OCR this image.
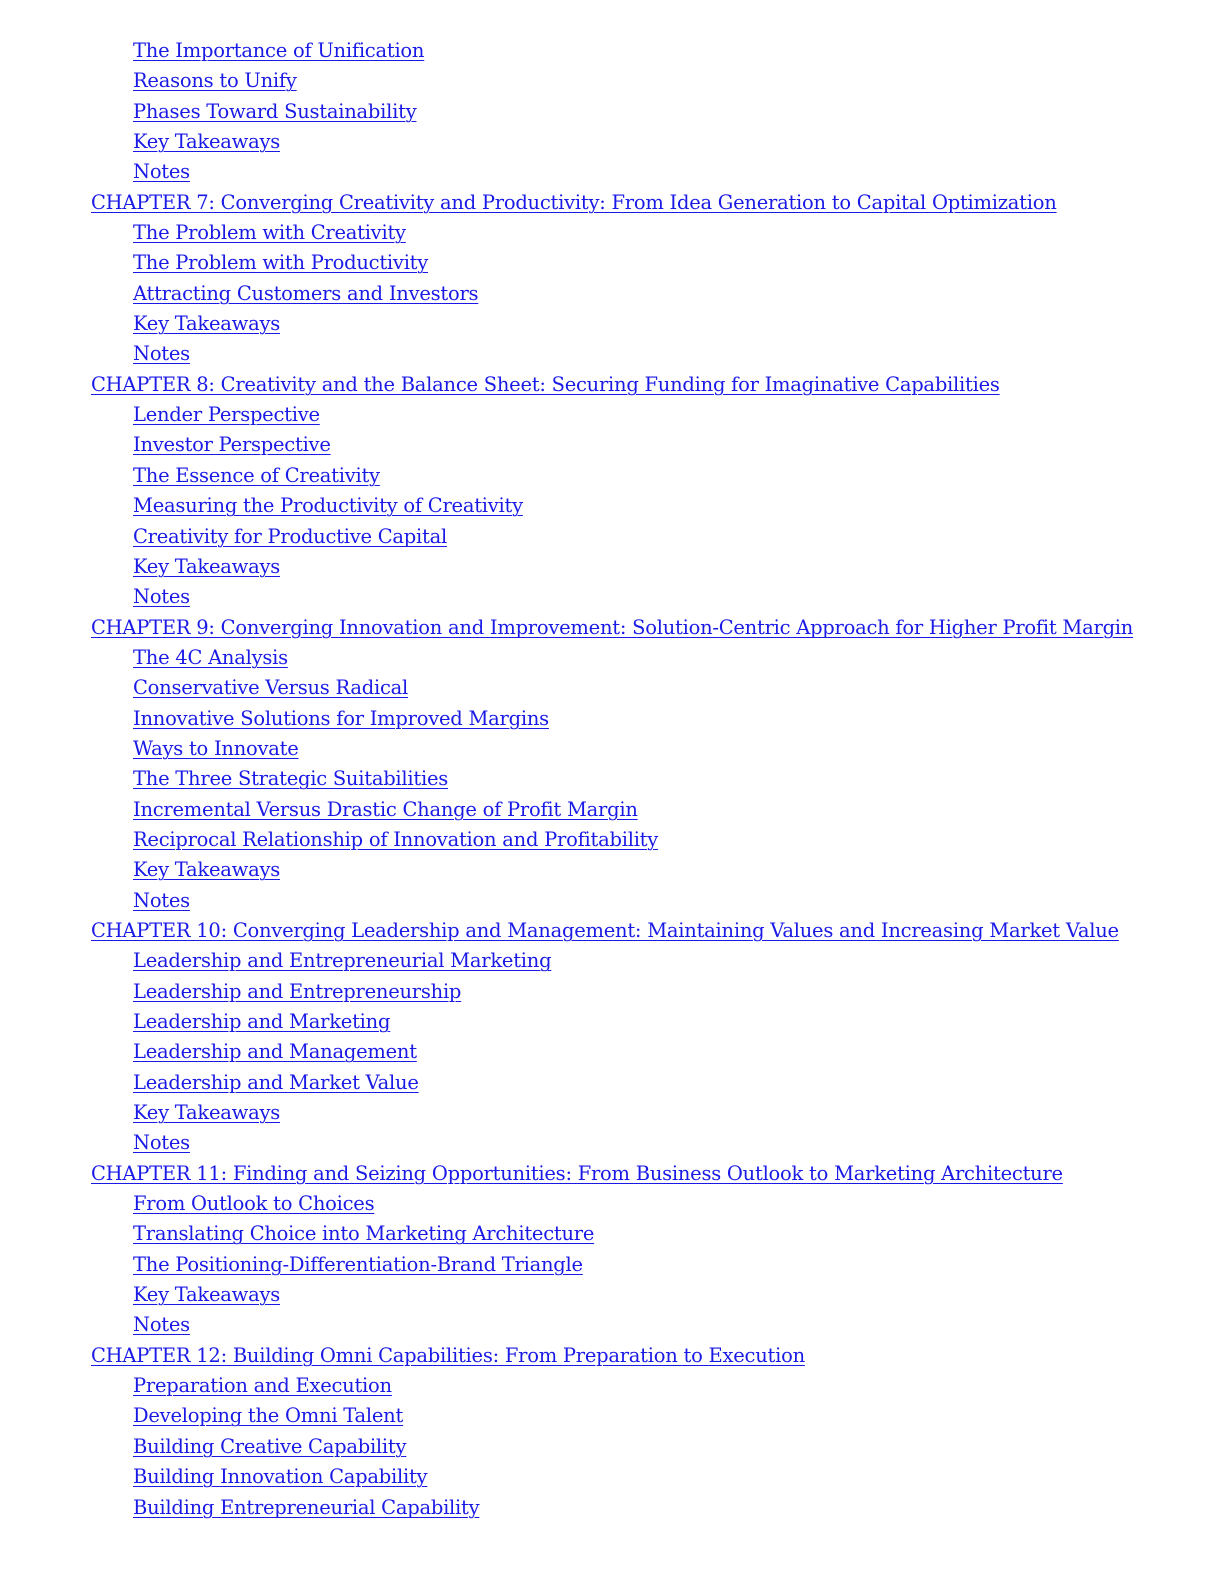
The Importance of Unification
Reasons to Unify
Phases Toward Sustainability
Key Takeaways
Notes
CHAPTER 7: Converging Creativity and Productivity: From Idea Generation to Capital Optimization
The Problem with Creativity
The Problem with Productivity
Attracting Customers and Investors
Key Takeaways
Notes
CHAPTER 8: Creativity and the Balance Sheet: Securing Funding for Imaginative Capabilities
Lender Perspective
Investor Perspective
The Essence of Creativity
Measuring the Productivity of Creativity
Creativity for Productive Capital
Key Takeaways
Notes
CHAPTER 9: Converging Innovation and Improvement: Solution-Centric Approach for Higher Profit Margin
The 4C Analysis
Conservative Versus Radical
Innovative Solutions for Improved Margins
Ways to Innovate
The Three Strategic Suitabilities
Incremental Versus Drastic Change of Profit Margin
Reciprocal Relationship of Innovation and Profitability
Key Takeaways
Notes
CHAPTER 10: Converging Leadership and Management: Maintaining Values and Increasing Market Value
Leadership and Entrepreneurial Marketing
Leadership and Entrepreneurship
Leadership and Marketing
Leadership and Management
Leadership and Market Value
Key Takeaways
Notes
CHAPTER 11: Finding and Seizing Opportunities: From Business Outlook to Marketing Architecture
From Outlook to Choices
Translating Choice into Marketing Architecture
The Positioning-Differentiation-Brand Triangle
Key Takeaways
Notes
CHAPTER 12: Building Omni Capabilities: From Preparation to Execution
Preparation and Execution
Developing the Omni Talent
Building Creative Capability
Building Innovation Capability
Building Entrepreneurial Capability
